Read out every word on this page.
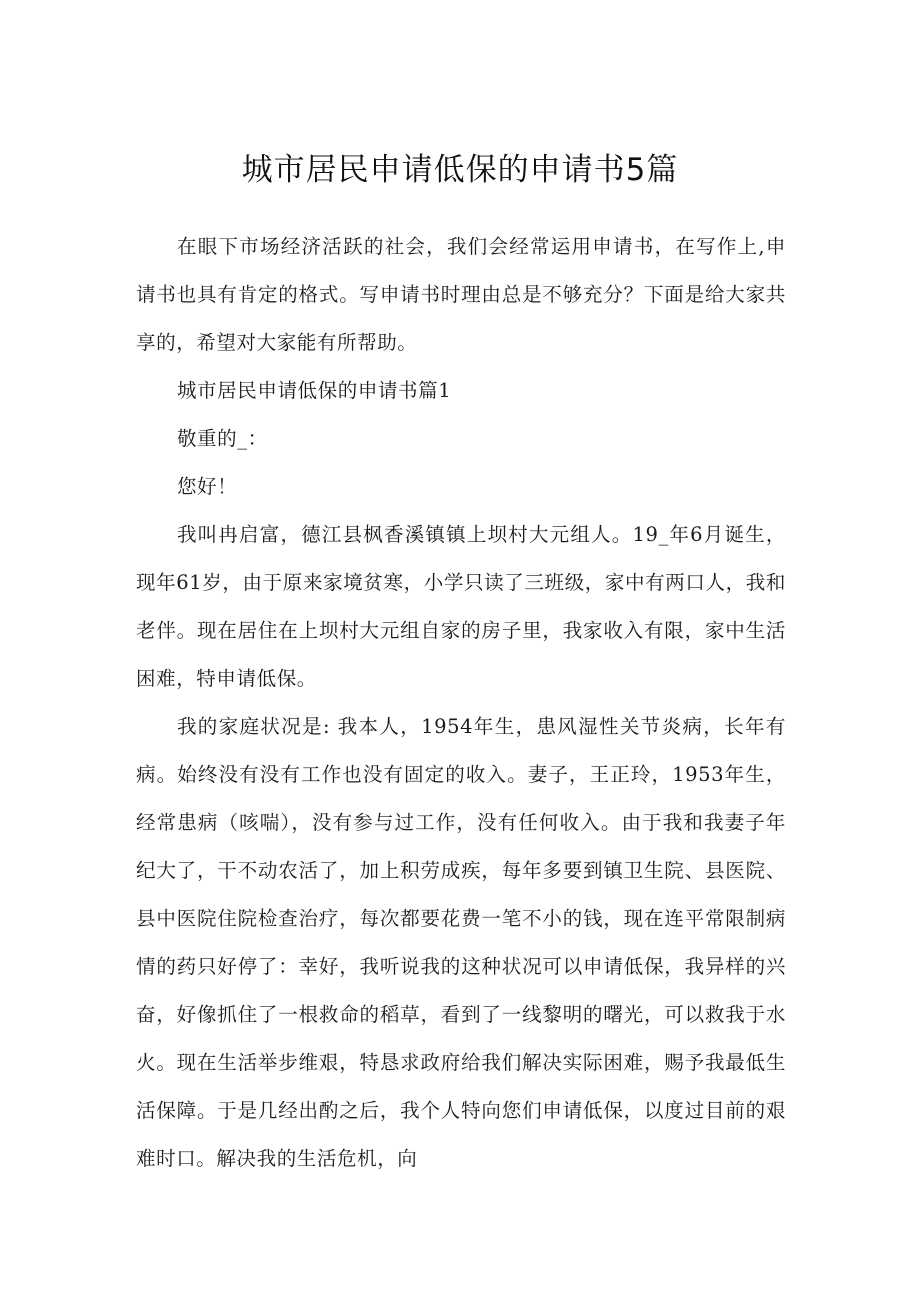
城市居民申请低保的申请书5篇

在眼下市场经济活跃的社会，我们会经常运用申请书，在写作上,申请书也具有肯定的格式。写申请书时理由总是不够充分？下面是给大家共享的，希望对大家能有所帮助。

城市居民申请低保的申请书篇1

敬重的_：

您好！

我叫冉启富，德江县枫香溪镇镇上坝村大元组人。19_年6月诞生，现年61岁，由于原来家境贫寒，小学只读了三班级，家中有两口人，我和老伴。现在居住在上坝村大元组自家的房子里，我家收入有限，家中生活困难，特申请低保。

我的家庭状况是: 我本人，1954年生，患风湿性关节炎病，长年有病。始终没有没有工作也没有固定的收入。妻子，王正玲，1953年生，经常患病（咳喘），没有参与过工作，没有任何收入。由于我和我妻子年纪大了，干不动农活了，加上积劳成疾，每年多要到镇卫生院、县医院、县中医院住院检查治疗，每次都要花费一笔不小的钱，现在连平常限制病情的药只好停了：幸好，我听说我的这种状况可以申请低保，我异样的兴奋，好像抓住了一根救命的稻草，看到了一线黎明的曙光，可以救我于水火。现在生活举步维艰，特恳求政府给我们解决实际困难，赐予我最低生活保障。于是几经出酌之后，我个人特向您们申请低保，以度过目前的艰难时口。解决我的生活危机，向
